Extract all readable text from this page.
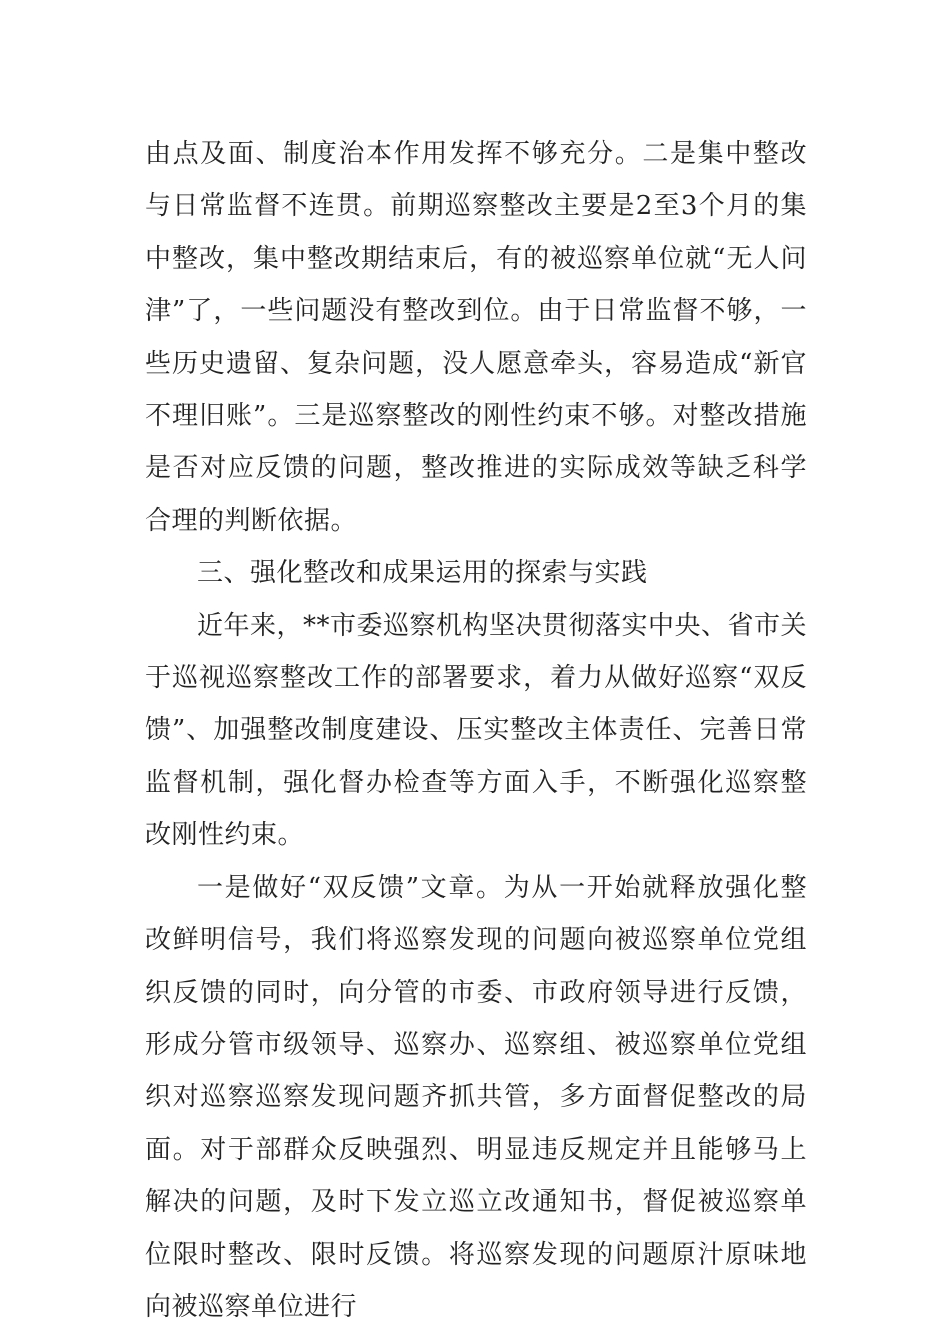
由点及面、制度治本作用发挥不够充分。二是集中整改与日常监督不连贯。前期巡察整改主要是2至3个月的集中整改，集中整改期结束后，有的被巡察单位就“无人问津”了，一些问题没有整改到位。由于日常监督不够，一些历史遗留、复杂问题，没人愿意牵头，容易造成“新官不理旧账”。三是巡察整改的刚性约束不够。对整改措施是否对应反馈的问题，整改推进的实际成效等缺乏科学合理的判断依据。

三、强化整改和成果运用的探索与实践

近年来，**市委巡察机构坚决贯彻落实中央、省市关于巡视巡察整改工作的部署要求，着力从做好巡察“双反馈”、加强整改制度建设、压实整改主体责任、完善日常监督机制，强化督办检查等方面入手，不断强化巡察整改刚性约束。

一是做好“双反馈”文章。为从一开始就释放强化整改鲜明信号，我们将巡察发现的问题向被巡察单位党组织反馈的同时，向分管的市委、市政府领导进行反馈，形成分管市级领导、巡察办、巡察组、被巡察单位党组织对巡察巡察发现问题齐抓共管，多方面督促整改的局面。对于部群众反映强烈、明显违反规定并且能够马上解决的问题，及时下发立巡立改通知书，督促被巡察单位限时整改、限时反馈。将巡察发现的问题原汁原味地向被巡察单位进行
